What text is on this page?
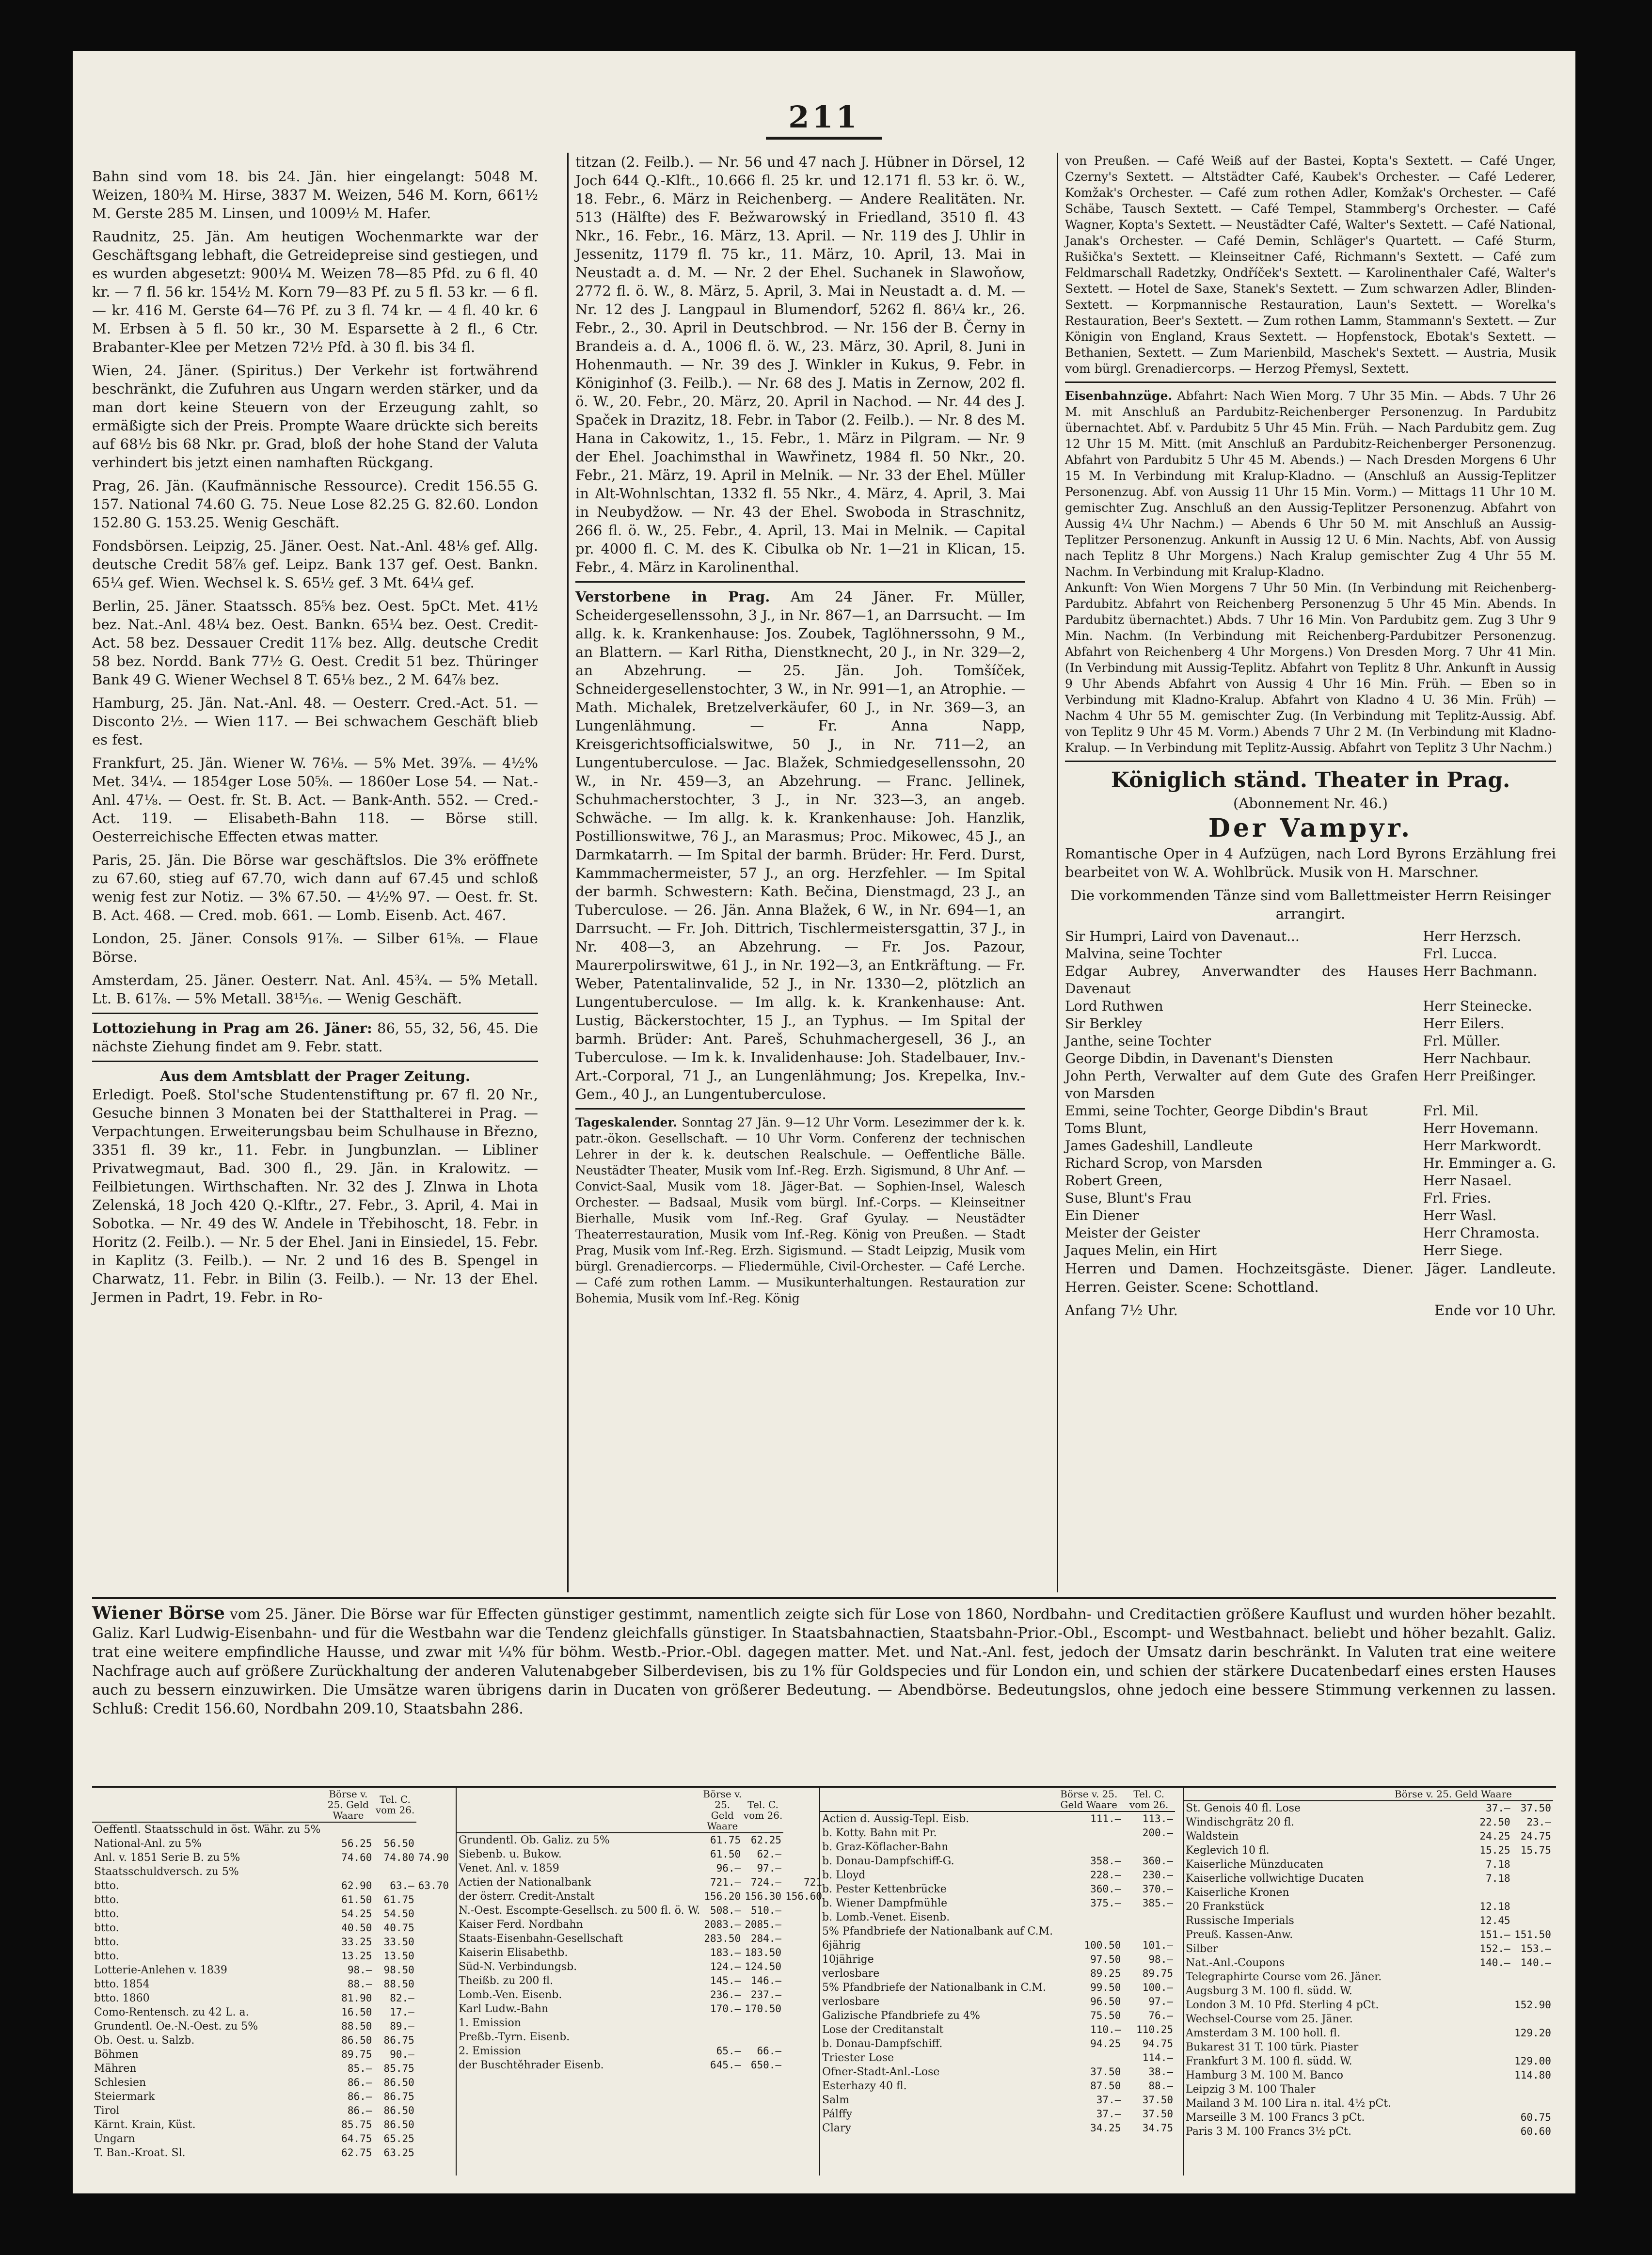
211
Bahn sind vom 18. bis 24. Jän. hier eingelangt: 5048 M. Weizen, 180¾ M. Hirse, 3837 M. Weizen, 546 M. Korn, 661½ M. Gerste 285 M. Linsen, und 1009½ M. Hafer.
Raudnitz, 25. Jän. Am heutigen Wochenmarkte war der Geschäftsgang lebhaft, die Getreidepreise sind gestiegen, und es wurden abgesetzt: 900¼ M. Weizen 78—85 Pfd. zu 6 fl. 40 kr. — 7 fl. 56 kr. 154½ M. Korn 79—83 Pf. zu 5 fl. 53 kr. — 6 fl. — kr. 416 M. Gerste 64—76 Pf. zu 3 fl. 74 kr. — 4 fl. 40 kr. 6 M. Erbsen à 5 fl. 50 kr., 30 M. Esparsette à 2 fl., 6 Ctr. Brabanter-Klee per Metzen 72½ Pfd. à 30 fl. bis 34 fl.
Wien, 24. Jäner. (Spiritus.) Der Verkehr ist fortwährend beschränkt, die Zufuhren aus Ungarn werden stärker, und da man dort keine Steuern von der Erzeugung zahlt, so ermäßigte sich der Preis. Prompte Waare drückte sich bereits auf 68½ bis 68 Nkr. pr. Grad, bloß der hohe Stand der Valuta verhindert bis jetzt einen namhaften Rückgang.
Prag, 26. Jän. (Kaufmännische Ressource). Credit 156.55 G. 157. National 74.60 G. 75. Neue Lose 82.25 G. 82.60. London 152.80 G. 153.25. Wenig Geschäft.
Fondsbörsen. Leipzig, 25. Jäner. Oest. Nat.-Anl. 48⅛ gef. Allg. deutsche Credit 58⅞ gef. Leipz. Bank 137 gef. Oest. Bankn. 65¼ gef. Wien. Wechsel k. S. 65½ gef. 3 Mt. 64¼ gef.
Berlin, 25. Jäner. Staatssch. 85⅝ bez. Oest. 5pCt. Met. 41½ bez. Nat.-Anl. 48¼ bez. Oest. Bankn. 65¼ bez. Oest. Credit-Act. 58 bez. Dessauer Credit 11⅞ bez. Allg. deutsche Credit 58 bez. Nordd. Bank 77½ G. Oest. Credit 51 bez. Thüringer Bank 49 G. Wiener Wechsel 8 T. 65⅛ bez., 2 M. 64⅞ bez.
Hamburg, 25. Jän. Nat.-Anl. 48. — Oesterr. Cred.-Act. 51. — Disconto 2½. — Wien 117. — Bei schwachem Geschäft blieb es fest.
Frankfurt, 25. Jän. Wiener W. 76⅛. — 5% Met. 39⅞. — 4½% Met. 34¼. — 1854ger Lose 50⅝. — 1860er Lose 54. — Nat.-Anl. 47⅛. — Oest. fr. St. B. Act. — Bank-Anth. 552. — Cred.-Act. 119. — Elisabeth-Bahn 118. — Börse still. Oesterreichische Effecten etwas matter.
Paris, 25. Jän. Die Börse war geschäftslos. Die 3% eröffnete zu 67.60, stieg auf 67.70, wich dann auf 67.45 und schloß wenig fest zur Notiz. — 3% 67.50. — 4½% 97. — Oest. fr. St. B. Act. 468. — Cred. mob. 661. — Lomb. Eisenb. Act. 467.
London, 25. Jäner. Consols 91⅞. — Silber 61⅝. — Flaue Börse.
Amsterdam, 25. Jäner. Oesterr. Nat. Anl. 45¾. — 5% Metall. Lt. B. 61⅞. — 5% Metall. 38¹⁵⁄₁₆. — Wenig Geschäft.
Lottoziehung in Prag am 26. Jäner: 86, 55, 32, 56, 45. Die nächste Ziehung findet am 9. Febr. statt.
Aus dem Amtsblatt der Prager Zeitung.
Erledigt. Poeß. Stol'sche Studentenstiftung pr. 67 fl. 20 Nr., Gesuche binnen 3 Monaten bei der Statthalterei in Prag. — Verpachtungen. Erweiterungsbau beim Schulhause in Březno, 3351 fl. 39 kr., 11. Febr. in Jungbunzlan. — Libliner Privatwegmaut, Bad. 300 fl., 29. Jän. in Kralowitz. — Feilbietungen. Wirthschaften. Nr. 32 des J. Zlnwa in Lhota Zelenská, 18 Joch 420 Q.-Klftr., 27. Febr., 3. April, 4. Mai in Sobotka. — Nr. 49 des W. Andele in Třebihoscht, 18. Febr. in Horitz (2. Feilb.). — Nr. 5 der Ehel. Jani in Einsiedel, 15. Febr. in Kaplitz (3. Feilb.). — Nr. 2 und 16 des B. Spengel in Charwatz, 11. Febr. in Bilin (3. Feilb.). — Nr. 13 der Ehel. Jermen in Padrt, 19. Febr. in Ro-
titzan (2. Feilb.). — Nr. 56 und 47 nach J. Hübner in Dörsel, 12 Joch 644 Q.-Klft., 10.666 fl. 25 kr. und 12.171 fl. 53 kr. ö. W., 18. Febr., 6. März in Reichenberg. — Andere Realitäten. Nr. 513 (Hälfte) des F. Bežwarowský in Friedland, 3510 fl. 43 Nkr., 16. Febr., 16. März, 13. April. — Nr. 119 des J. Uhlir in Jessenitz, 1179 fl. 75 kr., 11. März, 10. April, 13. Mai in Neustadt a. d. M. — Nr. 2 der Ehel. Suchanek in Slawoňow, 2772 fl. ö. W., 8. März, 5. April, 3. Mai in Neustadt a. d. M. — Nr. 12 des J. Langpaul in Blumendorf, 5262 fl. 86¼ kr., 26. Febr., 2., 30. April in Deutschbrod. — Nr. 156 der B. Černy in Brandeis a. d. A., 1006 fl. ö. W., 23. März, 30. April, 8. Juni in Hohenmauth. — Nr. 39 des J. Winkler in Kukus, 9. Febr. in Königinhof (3. Feilb.). — Nr. 68 des J. Matis in Zernow, 202 fl. ö. W., 20. Febr., 20. März, 20. April in Nachod. — Nr. 44 des J. Spaček in Drazitz, 18. Febr. in Tabor (2. Feilb.). — Nr. 8 des M. Hana in Cakowitz, 1., 15. Febr., 1. März in Pilgram. — Nr. 9 der Ehel. Joachimsthal in Wawřinetz, 1984 fl. 50 Nkr., 20. Febr., 21. März, 19. April in Melnik. — Nr. 33 der Ehel. Müller in Alt-Wohnlschtan, 1332 fl. 55 Nkr., 4. März, 4. April, 3. Mai in Neubydžow. — Nr. 43 der Ehel. Swoboda in Straschnitz, 266 fl. ö. W., 25. Febr., 4. April, 13. Mai in Melnik. — Capital pr. 4000 fl. C. M. des K. Cibulka ob Nr. 1—21 in Klican, 15. Febr., 4. März in Karolinenthal.
Verstorbene in Prag. Am 24 Jäner. Fr. Müller, Scheidergesellenssohn, 3 J., in Nr. 867—1, an Darrsucht. — Im allg. k. k. Krankenhause: Jos. Zoubek, Taglöhnerssohn, 9 M., an Blattern. — Karl Ritha, Dienstknecht, 20 J., in Nr. 329—2, an Abzehrung. — 25. Jän. Joh. Tomšíček, Schneidergesellenstochter, 3 W., in Nr. 991—1, an Atrophie. — Math. Michalek, Bretzelverkäufer, 60 J., in Nr. 369—3, an Lungenlähmung. — Fr. Anna Napp, Kreisgerichtsofficialswitwe, 50 J., in Nr. 711—2, an Lungentuberculose. — Jac. Blažek, Schmiedgesellenssohn, 20 W., in Nr. 459—3, an Abzehrung. — Franc. Jellinek, Schuhmacherstochter, 3 J., in Nr. 323—3, an angeb. Schwäche. — Im allg. k. k. Krankenhause: Joh. Hanzlik, Postillionswitwe, 76 J., an Marasmus; Proc. Mikowec, 45 J., an Darmkatarrh. — Im Spital der barmh. Brüder: Hr. Ferd. Durst, Kammmachermeister, 57 J., an org. Herzfehler. — Im Spital der barmh. Schwestern: Kath. Bečina, Dienstmagd, 23 J., an Tuberculose. — 26. Jän. Anna Blažek, 6 W., in Nr. 694—1, an Darrsucht. — Fr. Joh. Dittrich, Tischlermeistersgattin, 37 J., in Nr. 408—3, an Abzehrung. — Fr. Jos. Pazour, Maurerpolirswitwe, 61 J., in Nr. 192—3, an Entkräftung. — Fr. Weber, Patentalinvalide, 52 J., in Nr. 1330—2, plötzlich an Lungentuberculose. — Im allg. k. k. Krankenhause: Ant. Lustig, Bäckerstochter, 15 J., an Typhus. — Im Spital der barmh. Brüder: Ant. Pareš, Schuhmachergesell, 36 J., an Tuberculose. — Im k. k. Invalidenhause: Joh. Stadelbauer, Inv.-Art.-Corporal, 71 J., an Lungenlähmung; Jos. Krepelka, Inv.-Gem., 40 J., an Lungentuberculose.
Tageskalender. Sonntag 27 Jän. 9—12 Uhr Vorm. Lesezimmer der k. k. patr.-ökon. Gesellschaft. — 10 Uhr Vorm. Conferenz der technischen Lehrer in der k. k. deutschen Realschule. — Oeffentliche Bälle. Neustädter Theater, Musik vom Inf.-Reg. Erzh. Sigismund, 8 Uhr Anf. — Convict-Saal, Musik vom 18. Jäger-Bat. — Sophien-Insel, Walesch Orchester. — Badsaal, Musik vom bürgl. Inf.-Corps. — Kleinseitner Bierhalle, Musik vom Inf.-Reg. Graf Gyulay. — Neustädter Theaterrestauration, Musik vom Inf.-Reg. König von Preußen. — Stadt Prag, Musik vom Inf.-Reg. Erzh. Sigismund. — Stadt Leipzig, Musik vom bürgl. Grenadiercorps. — Fliedermühle, Civil-Orchester. — Café Lerche. — Café zum rothen Lamm. — Musikunterhaltungen. Restauration zur Bohemia, Musik vom Inf.-Reg. König
von Preußen. — Café Weiß auf der Bastei, Kopta's Sextett. — Café Unger, Czerny's Sextett. — Altstädter Café, Kaubek's Orchester. — Café Lederer, Komžak's Orchester. — Café zum rothen Adler, Komžak's Orchester. — Café Schäbe, Tausch Sextett. — Café Tempel, Stammberg's Orchester. — Café Wagner, Kopta's Sextett. — Neustädter Café, Walter's Sextett. — Café National, Janak's Orchester. — Café Demin, Schläger's Quartett. — Café Sturm, Rušička's Sextett. — Kleinseitner Café, Richmann's Sextett. — Café zum Feldmarschall Radetzky, Ondříček's Sextett. — Karolinenthaler Café, Walter's Sextett. — Hotel de Saxe, Stanek's Sextett. — Zum schwarzen Adler, Blinden-Sextett. — Korpmannische Restauration, Laun's Sextett. — Worelka's Restauration, Beer's Sextett. — Zum rothen Lamm, Stammann's Sextett. — Zur Königin von England, Kraus Sextett. — Hopfenstock, Ebotak's Sextett. — Bethanien, Sextett. — Zum Marienbild, Maschek's Sextett. — Austria, Musik vom bürgl. Grenadiercorps. — Herzog Přemysl, Sextett.
Eisenbahnzüge. Abfahrt: Nach Wien Morg. 7 Uhr 35 Min. — Abds. 7 Uhr 26 M. mit Anschluß an Pardubitz-Reichenberger Personenzug. In Pardubitz übernachtet. Abf. v. Pardubitz 5 Uhr 45 Min. Früh. — Nach Pardubitz gem. Zug 12 Uhr 15 M. Mitt. (mit Anschluß an Pardubitz-Reichenberger Personenzug. Abfahrt von Pardubitz 5 Uhr 45 M. Abends.) — Nach Dresden Morgens 6 Uhr 15 M. In Verbindung mit Kralup-Kladno. — (Anschluß an Aussig-Teplitzer Personenzug. Abf. von Aussig 11 Uhr 15 Min. Vorm.) — Mittags 11 Uhr 10 M. gemischter Zug. Anschluß an den Aussig-Teplitzer Personenzug. Abfahrt von Aussig 4¼ Uhr Nachm.) — Abends 6 Uhr 50 M. mit Anschluß an Aussig-Teplitzer Personenzug. Ankunft in Aussig 12 U. 6 Min. Nachts, Abf. von Aussig nach Teplitz 8 Uhr Morgens.) Nach Kralup gemischter Zug 4 Uhr 55 M. Nachm. In Verbindung mit Kralup-Kladno.
Ankunft: Von Wien Morgens 7 Uhr 50 Min. (In Verbindung mit Reichenberg-Pardubitz. Abfahrt von Reichenberg Personenzug 5 Uhr 45 Min. Abends. In Pardubitz übernachtet.) Abds. 7 Uhr 16 Min. Von Pardubitz gem. Zug 3 Uhr 9 Min. Nachm. (In Verbindung mit Reichenberg-Pardubitzer Personenzug. Abfahrt von Reichenberg 4 Uhr Morgens.) Von Dresden Morg. 7 Uhr 41 Min. (In Verbindung mit Aussig-Teplitz. Abfahrt von Teplitz 8 Uhr. Ankunft in Aussig 9 Uhr Abends Abfahrt von Aussig 4 Uhr 16 Min. Früh. — Eben so in Verbindung mit Kladno-Kralup. Abfahrt von Kladno 4 U. 36 Min. Früh) — Nachm 4 Uhr 55 M. gemischter Zug. (In Verbindung mit Teplitz-Aussig. Abf. von Teplitz 9 Uhr 45 M. Vorm.) Abends 7 Uhr 2 M. (In Verbindung mit Kladno-Kralup. — In Verbindung mit Teplitz-Aussig. Abfahrt von Teplitz 3 Uhr Nachm.)
Königlich ständ. Theater in Prag.
(Abonnement Nr. 46.)
Der Vampyr.
Romantische Oper in 4 Aufzügen, nach Lord Byrons Erzählung frei bearbeitet von W. A. Wohlbrück. Musik von H. Marschner.
Die vorkommenden Tänze sind vom Ballettmeister Herrn Reisinger arrangirt.
Sir Humpri, Laird von Davenaut...	Herr Herzsch.
Malvina, seine Tochter	Frl. Lucca.
Edgar Aubrey, Anverwandter des Hauses Davenaut	Herr Bachmann.
Lord Ruthwen	Herr Steinecke.
Sir Berkley	Herr Eilers.
Janthe, seine Tochter	Frl. Müller.
George Dibdin, in Davenant's Diensten	Herr Nachbaur.
John Perth, Verwalter auf dem Gute des Grafen von Marsden	Herr Preißinger.
Emmi, seine Tochter, George Dibdin's Braut	Frl. Mil.
Toms Blunt,	Herr Hovemann.
James Gadeshill, Landleute	Herr Markwordt.
Richard Scrop, von Marsden	Hr. Emminger a. G.
Robert Green,	Herr Nasael.
Suse, Blunt's Frau	Frl. Fries.
Ein Diener	Herr Wasl.
Meister der Geister	Herr Chramosta.
Jaques Melin, ein Hirt	Herr Siege.
Herren und Damen. Hochzeitsgäste. Diener. Jäger. Landleute. Herren. Geister. Scene: Schottland.
Anfang 7½ Uhr.	Ende vor 10 Uhr.
Wiener Börse vom 25. Jäner. Die Börse war für Effecten günstiger gestimmt, namentlich zeigte sich für Lose von 1860, Nordbahn- und Creditactien größere Kauflust und wurden höher bezahlt. Galiz. Karl Ludwig-Eisenbahn- und für die Westbahn war die Tendenz gleichfalls günstiger. In Staatsbahnactien, Staatsbahn-Prior.-Obl., Escompt- und Westbahnact. beliebt und höher bezahlt. Galiz. trat eine weitere empfindliche Hausse, und zwar mit ¼% für böhm. Westb.-Prior.-Obl. dagegen matter. Met. und Nat.-Anl. fest, jedoch der Umsatz darin beschränkt. In Valuten trat eine weitere Nachfrage auch auf größere Zurückhaltung der anderen Valutenabgeber Silberdevisen, bis zu 1% für Goldspecies und für London ein, und schien der stärkere Ducatenbedarf eines ersten Hauses auch zu bessern einzuwirken. Die Umsätze waren übrigens darin in Ducaten von größerer Bedeutung. — Abendbörse. Bedeutungslos, ohne jedoch eine bessere Stimmung verkennen zu lassen. Schluß: Credit 156.60, Nordbahn 209.10, Staatsbahn 286.
	Börse v. 25. Geld Waare	Tel. C. vom 26.	
Oeffentl. Staatsschuld in öst. Währ. zu 5%			
National-Anl. zu 5%	56.25	56.50	
Anl. v. 1851 Serie B. zu 5%	74.60	74.80	74.90
Staatsschuldversch. zu 5%			
btto.	62.90	63.—	63.70
btto.	61.50	61.75	
btto.	54.25	54.50	
btto.	40.50	40.75	
btto.	33.25	33.50	
btto.	13.25	13.50	
Lotterie-Anlehen v. 1839	98.—	98.50	
btto. 1854	88.—	88.50	
btto. 1860	81.90	82.—	
Como-Rentensch. zu 42 L. a.	16.50	17.—	
Grundentl. Oe.-N.-Oest. zu 5%	88.50	89.—	
Ob. Oest. u. Salzb.	86.50	86.75	
Böhmen	89.75	90.—	
Mähren	85.—	85.75	
Schlesien	86.—	86.50	
Steiermark	86.—	86.75	
Tirol	86.—	86.50	
Kärnt. Krain, Küst.	85.75	86.50	
Ungarn	64.75	65.25	
T. Ban.-Kroat. Sl.	62.75	63.25	
	Börse v. 25. Geld Waare	Tel. C. vom 26.	
Grundentl. Ob. Galiz. zu 5%	61.75	62.25	
Siebenb. u. Bukow.	61.50	62.—	
Venet. Anl. v. 1859	96.—	97.—	
Actien der Nationalbank	721.—	724.—	721
der österr. Credit-Anstalt	156.20	156.30	156.60
N.-Oest. Escompte-Gesellsch. zu 500 fl. ö. W.	508.—	510.—	
Kaiser Ferd. Nordbahn	2083.—	2085.—	
Staats-Eisenbahn-Gesellschaft	283.50	284.—	
Kaiserin Elisabethb.	183.—	183.50	
Süd-N. Verbindungsb.	124.—	124.50	
Theißb. zu 200 fl.	145.—	146.—	
Lomb.-Ven. Eisenb.	236.—	237.—	
Karl Ludw.-Bahn	170.—	170.50	
1. Emission			
Preßb.-Tyrn. Eisenb.			
2. Emission	65.—	66.—	
der Buschtěhrader Eisenb.	645.—	650.—	
	Börse v. 25. Geld Waare	Tel. C. vom 26.	
Actien d. Aussig-Tepl. Eisb.	111.—	113.—	
b. Kotty. Bahn mit Pr.		200.—	
b. Graz-Köflacher-Bahn			
b. Donau-Dampfschiff-G.	358.—	360.—	
b. Lloyd	228.—	230.—	
b. Pester Kettenbrücke	360.—	370.—	
b. Wiener Dampfmühle	375.—	385.—	
b. Lomb.-Venet. Eisenb.			
5% Pfandbriefe der Nationalbank auf C.M.			
6jährig	100.50	101.—	
10jährige	97.50	98.—	
verlosbare	89.25	89.75	
5% Pfandbriefe der Nationalbank in C.M.	99.50	100.—	
verlosbare	96.50	97.—	
Galizische Pfandbriefe zu 4%	75.50	76.—	
Lose der Creditanstalt	110.—	110.25	
b. Donau-Dampfschiff.	94.25	94.75	
Triester Lose		114.—	
Ofner-Stadt-Anl.-Lose	37.50	38.—	
Esterhazy 40 fl.	87.50	88.—	
Salm	37.—	37.50	
Pálffy	37.—	37.50	
Clary	34.25	34.75	
	Börse v. 25. Geld Waare		
St. Genois 40 fl. Lose	37.—	37.50	
Windischgrätz 20 fl.	22.50	23.—	
Waldstein	24.25	24.75	
Keglevich 10 fl.	15.25	15.75	
Kaiserliche Münzducaten	7.18		
Kaiserliche vollwichtige Ducaten	7.18		
Kaiserliche Kronen			
20 Frankstück	12.18		
Russische Imperials	12.45		
Preuß. Kassen-Anw.	151.—	151.50	
Silber	152.—	153.—	
Nat.-Anl.-Coupons	140.—	140.—	
Telegraphirte Course vom 26. Jäner.			
Augsburg 3 M. 100 fl. südd. W.			
London 3 M. 10 Pfd. Sterling 4 pCt.		152.90	
Wechsel-Course vom 25. Jäner.			
Amsterdam 3 M. 100 holl. fl.		129.20	
Bukarest 31 T. 100 türk. Piaster			
Frankfurt 3 M. 100 fl. südd. W.		129.00	
Hamburg 3 M. 100 M. Banco		114.80	
Leipzig 3 M. 100 Thaler			
Mailand 3 M. 100 Lira n. ital. 4½ pCt.			
Marseille 3 M. 100 Francs 3 pCt.		60.75	
Paris 3 M. 100 Francs 3½ pCt.		60.60	
